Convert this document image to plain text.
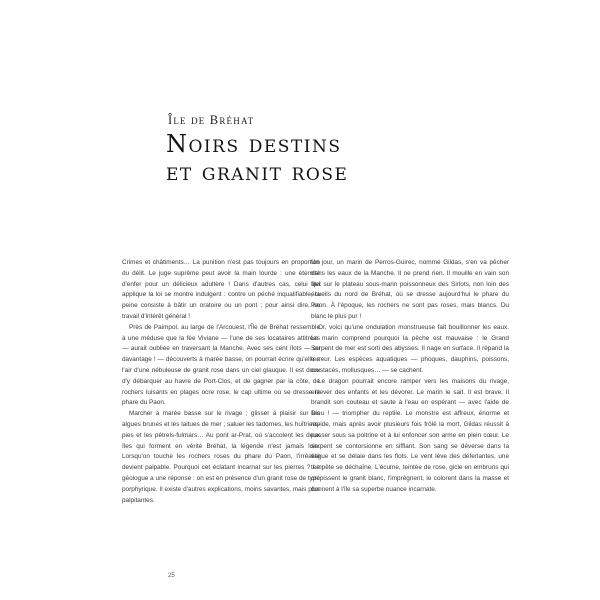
Île de Bréhat
Noirs destins
et granit rose

Crimes et châtiments… La punition n'est pas toujours en proportion du délit. Le juge suprême peut avoir la main lourde : une éternité d'enfer pour un délicieux adultère ! Dans d'autres cas, celui qui applique la loi se montre indulgent : contre un péché inqualifiable, la peine consiste à bâtir un oratoire ou un pont ; pour ainsi dire, un travail d'intérêt général !

Près de Paimpol, au large de l'Arcouest, l'Île de Bréhat ressemble à une méduse que la fée Viviane — l'une de ses locataires attitrées — aurait oubliée en traversant la Manche. Avec ses cent îlots — ou davantage ! — découverts à marée basse, on pourrait écrire qu'elle a l'air d'une nébuleuse de granit rose dans un ciel glauque. Il est doux d'y débarquer au havre de Port-Clos, et de gagner par la côte, de rochers luisants en plages ocre rose, le cap ultime où se dresse le phare du Paon.

Marcher à marée basse sur le rivage ; glisser à plaisir sur les algues brunes et les laitues de mer ; saluer les tadornes, les huîtriers-pies et les pétrels-fulmars… Au pont ar-Prat, où s'accolent les deux îles qui forment en vérité Bréhat, la légende n'est jamais loin. Lorsqu'on touche les rochers roses du phare du Paon, l'irréalité devient palpable. Pourquoi cet éclatant incarnat sur les pierres ? Le géologue a une réponse : on est en présence d'un granit rose de type porphyrique. Il existe d'autres explications, moins savantes, mais plus palpitantes.

Un jour, un marin de Perros-Guirec, nommé Gildas, s'en va pêcher dans les eaux de la Manche. Il ne prend rien. Il mouille en vain son filet sur le plateau sous-marin poissonneux des Sirlots, non loin des écueils du nord de Bréhat, où se dresse aujourd'hui le phare du Paon. À l'époque, les rochers ne sont pas roses, mais blancs. Du blanc le plus pur !

Or, voici qu'une ondulation monstrueuse fait bouillonner les eaux. Le marin comprend pourquoi la pêche est mauvaise : le Grand Serpent de mer est sorti des abysses. Il nage en surface. Il répand la terreur. Les espèces aquatiques — phoques, dauphins, poissons, crustacés, mollusques… — se cachent.

Le dragon pourrait encore ramper vers les maisons du rivage, enlever des enfants et les dévorer. Le marin le sait. Il est brave. Il brandit son couteau et saute à l'eau en espérant — avec l'aide de Dieu ! — triompher du reptile. Le monstre est affreux, énorme et rapide, mais après avoir plusieurs fois frôlé la mort, Gildas réussit à passer sous sa poitrine et à lui enfoncer son arme en plein cœur. Le serpent se contorsionne en sifflant. Son sang se déverse dans la vague et se délaie dans les flots. Le vent lève des déferlantes, une tempête se déchaîne. L'écume, teintée de rose, gicle en embruns qui crépissent le granit blanc, l'imprègnent, le colorent dans la masse et donnent à l'île sa superbe nuance incarnate.

25
